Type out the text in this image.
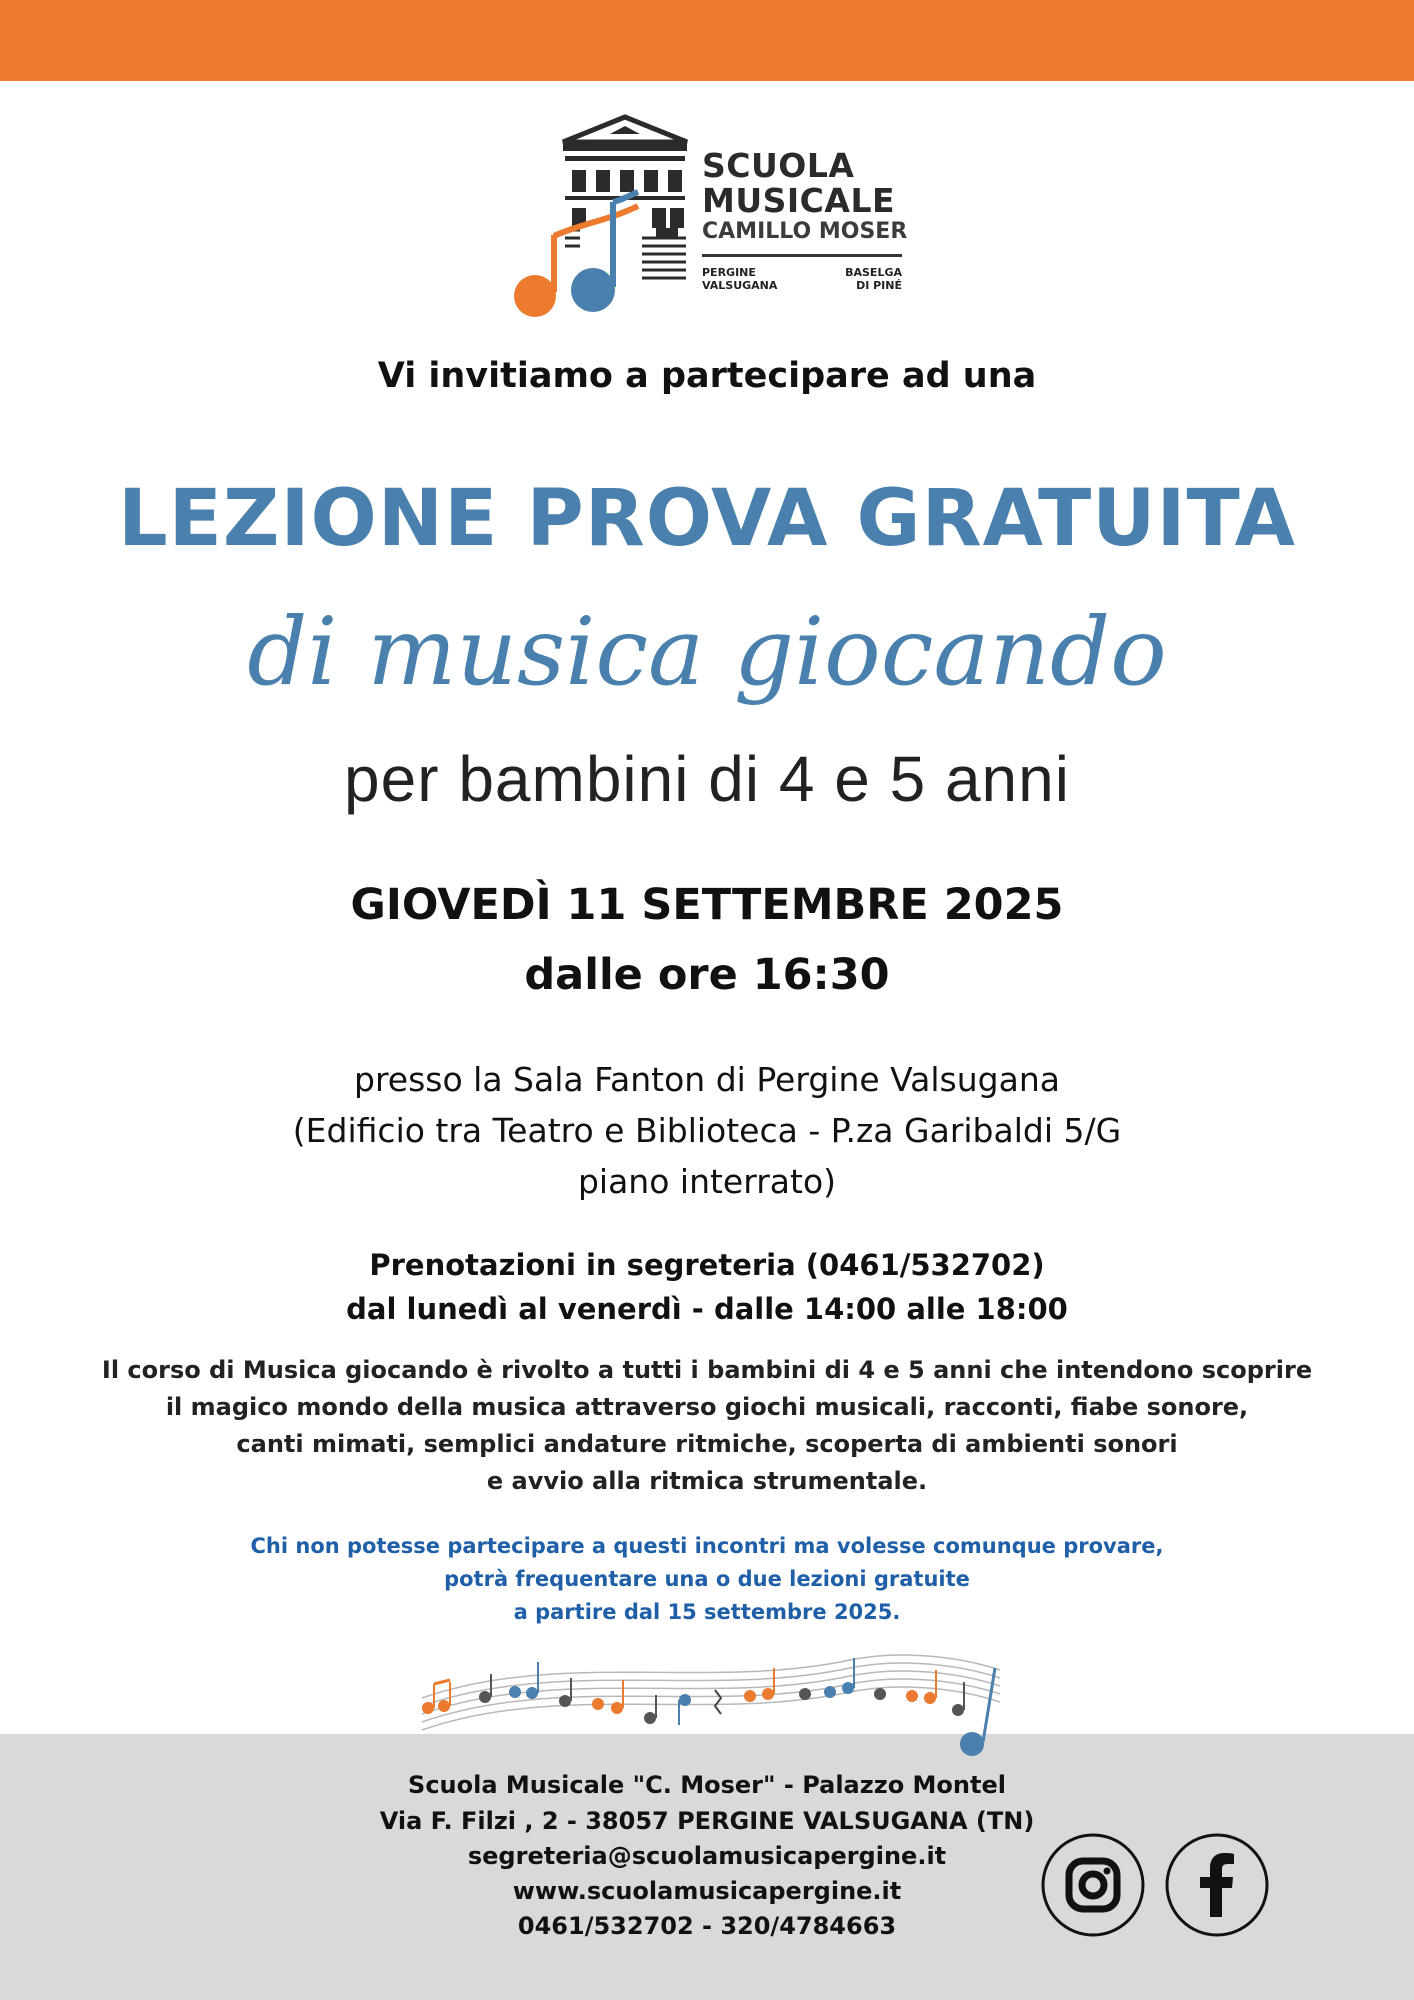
SCUOLA
MUSICALE
CAMILLO MOSER
PERGINE
VALSUGANA
BASELGA
DI PINÉ
Vi invitiamo a partecipare ad una
LEZIONE PROVA GRATUITA
di musica giocando
per bambini di 4 e 5 anni
GIOVEDÌ 11 SETTEMBRE 2025
dalle ore 16:30
presso la Sala Fanton di Pergine Valsugana
(Edificio tra Teatro e Biblioteca - P.za Garibaldi 5/G
piano interrato)
Prenotazioni in segreteria (0461/532702)
dal lunedì al venerdì - dalle 14:00 alle 18:00
Il corso di Musica giocando è rivolto a tutti i bambini di 4 e 5 anni che intendono scoprire
il magico mondo della musica attraverso giochi musicali, racconti, fiabe sonore,
canti mimati, semplici andature ritmiche, scoperta di ambienti sonori
e avvio alla ritmica strumentale.
Chi non potesse partecipare a questi incontri ma volesse comunque provare,
potrà frequentare una o due lezioni gratuite
a partire dal 15 settembre 2025.
Scuola Musicale "C. Moser" - Palazzo Montel
Via F. Filzi , 2 - 38057 PERGINE VALSUGANA (TN)
segreteria@scuolamusicapergine.it
www.scuolamusicapergine.it
0461/532702 - 320/4784663
